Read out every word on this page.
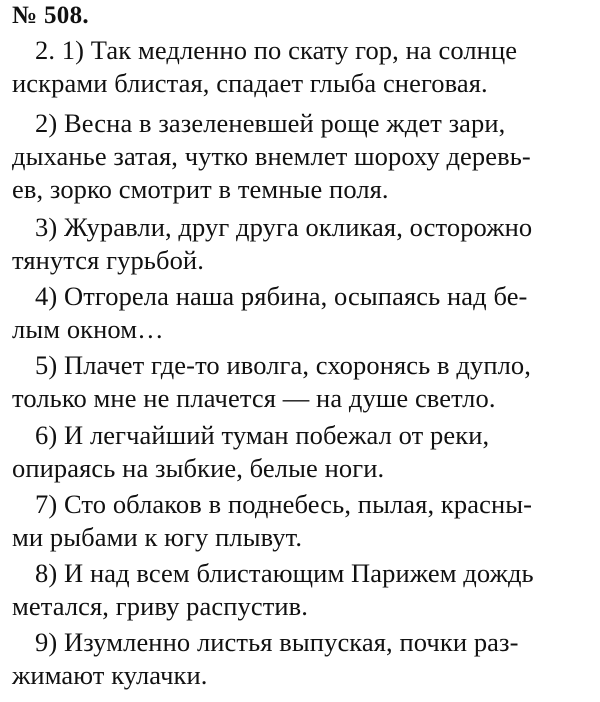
№ 508.
2. 1) Так медленно по скату гор, на солнце
искрами блистая, спадает глыба снеговая.
2) Весна в зазеленевшей роще ждет зари,
дыханье затая, чутко внемлет шороху деревь-
ев, зорко смотрит в темные поля.
3) Журавли, друг друга окликая, осторожно
тянутся гурьбой.
4) Отгорела наша рябина, осыпаясь над бе-
лым окном…
5) Плачет где-то иволга, схоронясь в дупло,
только мне не плачется — на душе светло.
6) И легчайший туман побежал от реки,
опираясь на зыбкие, белые ноги.
7) Сто облаков в поднебесь, пылая, красны-
ми рыбами к югу плывут.
8) И над всем блистающим Парижем дождь
метался, гриву распустив.
9) Изумленно листья выпуская, почки раз-
жимают кулачки.
